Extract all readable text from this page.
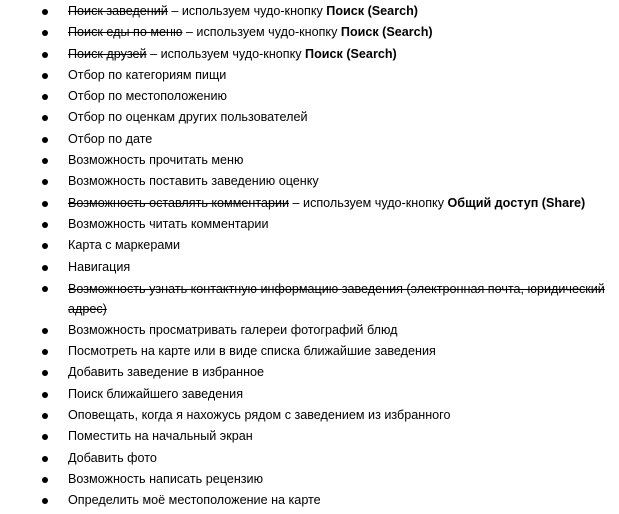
Поиск заведений – используем чудо-кнопку Поиск (Search)
Поиск еды по меню – используем чудо-кнопку Поиск (Search)
Поиск друзей – используем чудо-кнопку Поиск (Search)
Отбор по категориям пищи
Отбор по местоположению
Отбор по оценкам других пользователей
Отбор по дате
Возможность прочитать меню
Возможность поставить заведению оценку
Возможность оставлять комментарии – используем чудо-кнопку Общий доступ (Share)
Возможность читать комментарии
Карта с маркерами
Навигация
Возможность узнать контактную информацию заведения (электронная почта, юридический адрес)
Возможность просматривать галереи фотографий блюд
Посмотреть на карте или в виде списка ближайшие заведения
Добавить заведение в избранное
Поиск ближайшего заведения
Оповещать, когда я нахожусь рядом с заведением из избранного
Поместить на начальный экран
Добавить фото
Возможность написать рецензию
Определить моё местоположение на карте
